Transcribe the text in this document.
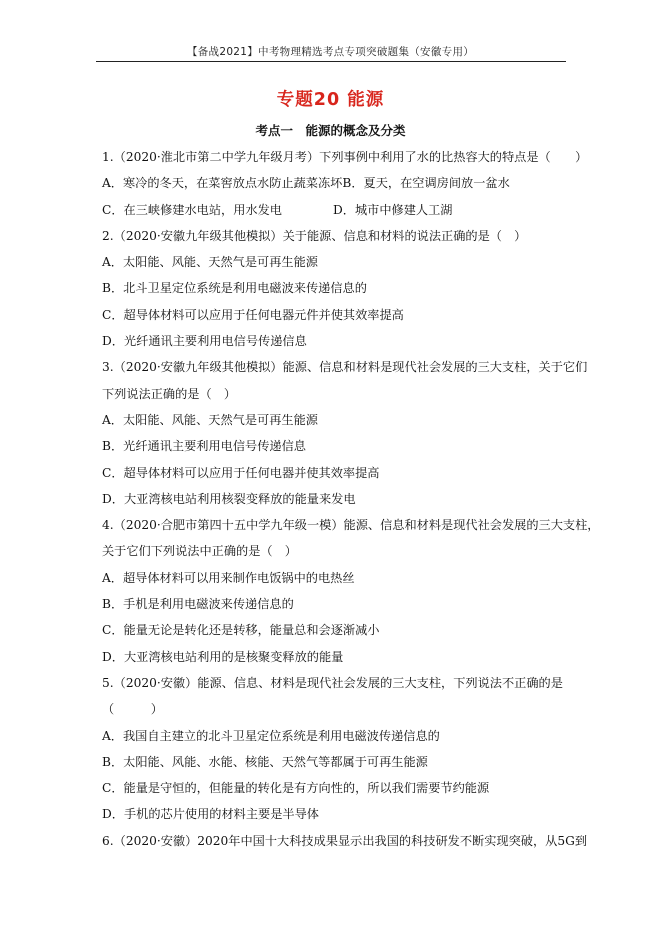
【备战2021】中考物理精选考点专项突破题集（安徽专用）
专题20 能源
考点一　能源的概念及分类
1.（2020·淮北市第二中学九年级月考）下列事例中利用了水的比热容大的特点是（　　）
A．寒冷的冬天，在菜窖放点水防止蔬菜冻坏B．夏天，在空调房间放一盆水
C．在三峡修建水电站，用水发电	D．城市中修建人工湖
2.（2020·安徽九年级其他模拟）关于能源、信息和材料的说法正确的是（　）
A．太阳能、风能、天然气是可再生能源
B．北斗卫星定位系统是利用电磁波来传递信息的
C．超导体材料可以应用于任何电器元件并使其效率提高
D．光纤通讯主要利用电信号传递信息
3.（2020·安徽九年级其他模拟）能源、信息和材料是现代社会发展的三大支柱，关于它们
下列说法正确的是（　）
A．太阳能、风能、天然气是可再生能源
B．光纤通讯主要利用电信号传递信息
C．超导体材料可以应用于任何电器并使其效率提高
D．大亚湾核电站利用核裂变释放的能量来发电
4.（2020·合肥市第四十五中学九年级一模）能源、信息和材料是现代社会发展的三大支柱，
关于它们下列说法中正确的是（　）
A．超导体材料可以用来制作电饭锅中的电热丝
B．手机是利用电磁波来传递信息的
C．能量无论是转化还是转移，能量总和会逐渐减小
D．大亚湾核电站利用的是核聚变释放的能量
5.（2020·安徽）能源、信息、材料是现代社会发展的三大支柱，下列说法不正确的是
（　　　）
A．我国自主建立的北斗卫星定位系统是利用电磁波传递信息的
B．太阳能、风能、水能、核能、天然气等都属于可再生能源
C．能量是守恒的，但能量的转化是有方向性的，所以我们需要节约能源
D．手机的芯片使用的材料主要是半导体
6.（2020·安徽）2020年中国十大科技成果显示出我国的科技研发不断实现突破，从5G到
